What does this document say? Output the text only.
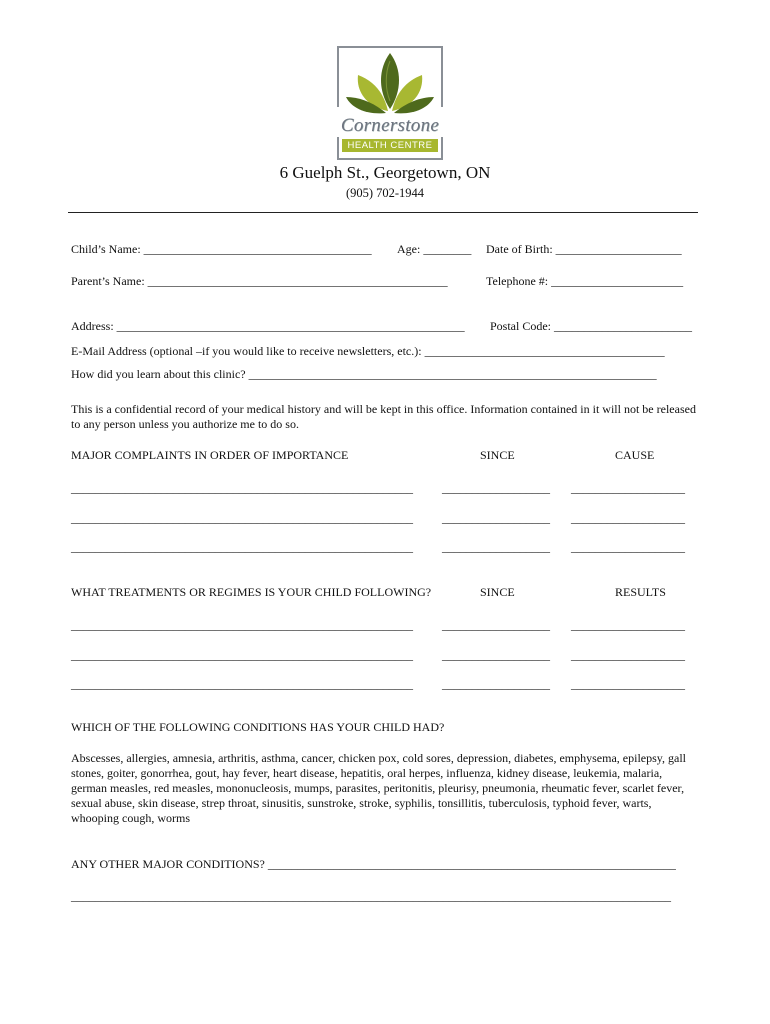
Cornerstone
HEALTH CENTRE
6 Guelph St., Georgetown, ON
(905) 702-1944
Child’s Name: ______________________________________ Age: ________ Date of Birth: _____________________
Parent’s Name: __________________________________________________	Telephone #: ______________________
Address: __________________________________________________________ Postal Code: _______________________
E-Mail Address (optional –if you would like to receive newsletters, etc.): ________________________________________
How did you learn about this clinic? ____________________________________________________________________
This is a confidential record of your medical history and will be kept in this office. Information contained in it will not be released to any person unless you authorize me to do so.
MAJOR COMPLAINTS IN ORDER OF IMPORTANCE	SINCE	CAUSE
_________________________________________________________ __________________ ___________________
_________________________________________________________ __________________ ___________________
_________________________________________________________ __________________ ___________________
WHAT TREATMENTS OR REGIMES IS YOUR CHILD FOLLOWING?	SINCE	RESULTS
_________________________________________________________ __________________ ___________________
_________________________________________________________ __________________ ___________________
_________________________________________________________ __________________ ___________________
WHICH OF THE FOLLOWING CONDITIONS HAS YOUR CHILD HAD?
Abscesses, allergies, amnesia, arthritis, asthma, cancer, chicken pox, cold sores, depression, diabetes, emphysema, epilepsy, gall stones, goiter, gonorrhea, gout, hay fever, heart disease, hepatitis, oral herpes, influenza, kidney disease, leukemia, malaria, german measles, red measles, mononucleosis, mumps, parasites, peritonitis, pleurisy, pneumonia, rheumatic fever, scarlet fever, sexual abuse, skin disease, strep throat, sinusitis, sunstroke, stroke, syphilis, tonsillitis, tuberculosis, typhoid fever, warts, whooping cough, worms
ANY OTHER MAJOR CONDITIONS? ____________________________________________________________________
____________________________________________________________________________________________________
